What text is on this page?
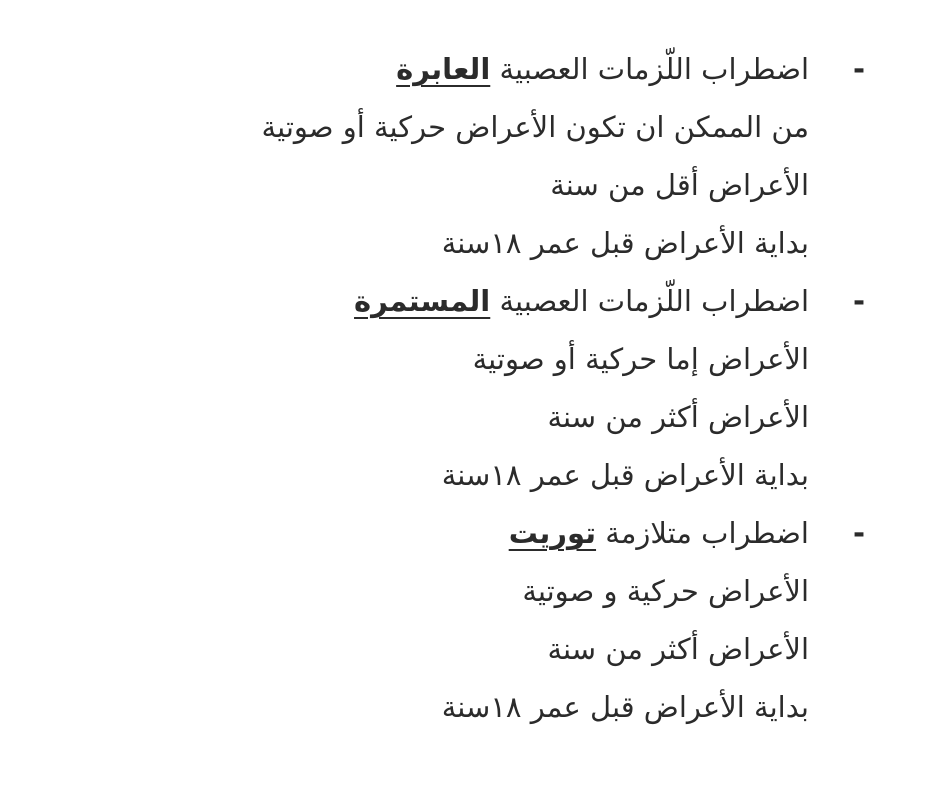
-
اضطراب اللّزمات العصبية العابرة
من الممكن ان تكون الأعراض حركية أو صوتية
الأعراض أقل من سنة
بداية الأعراض قبل عمر ١٨سنة
-
اضطراب اللّزمات العصبية المستمرة
الأعراض إما حركية أو صوتية
الأعراض أكثر من سنة
بداية الأعراض قبل عمر ١٨سنة
-
اضطراب متلازمة توريت
الأعراض حركية و صوتية
الأعراض أكثر من سنة
بداية الأعراض قبل عمر ١٨سنة
